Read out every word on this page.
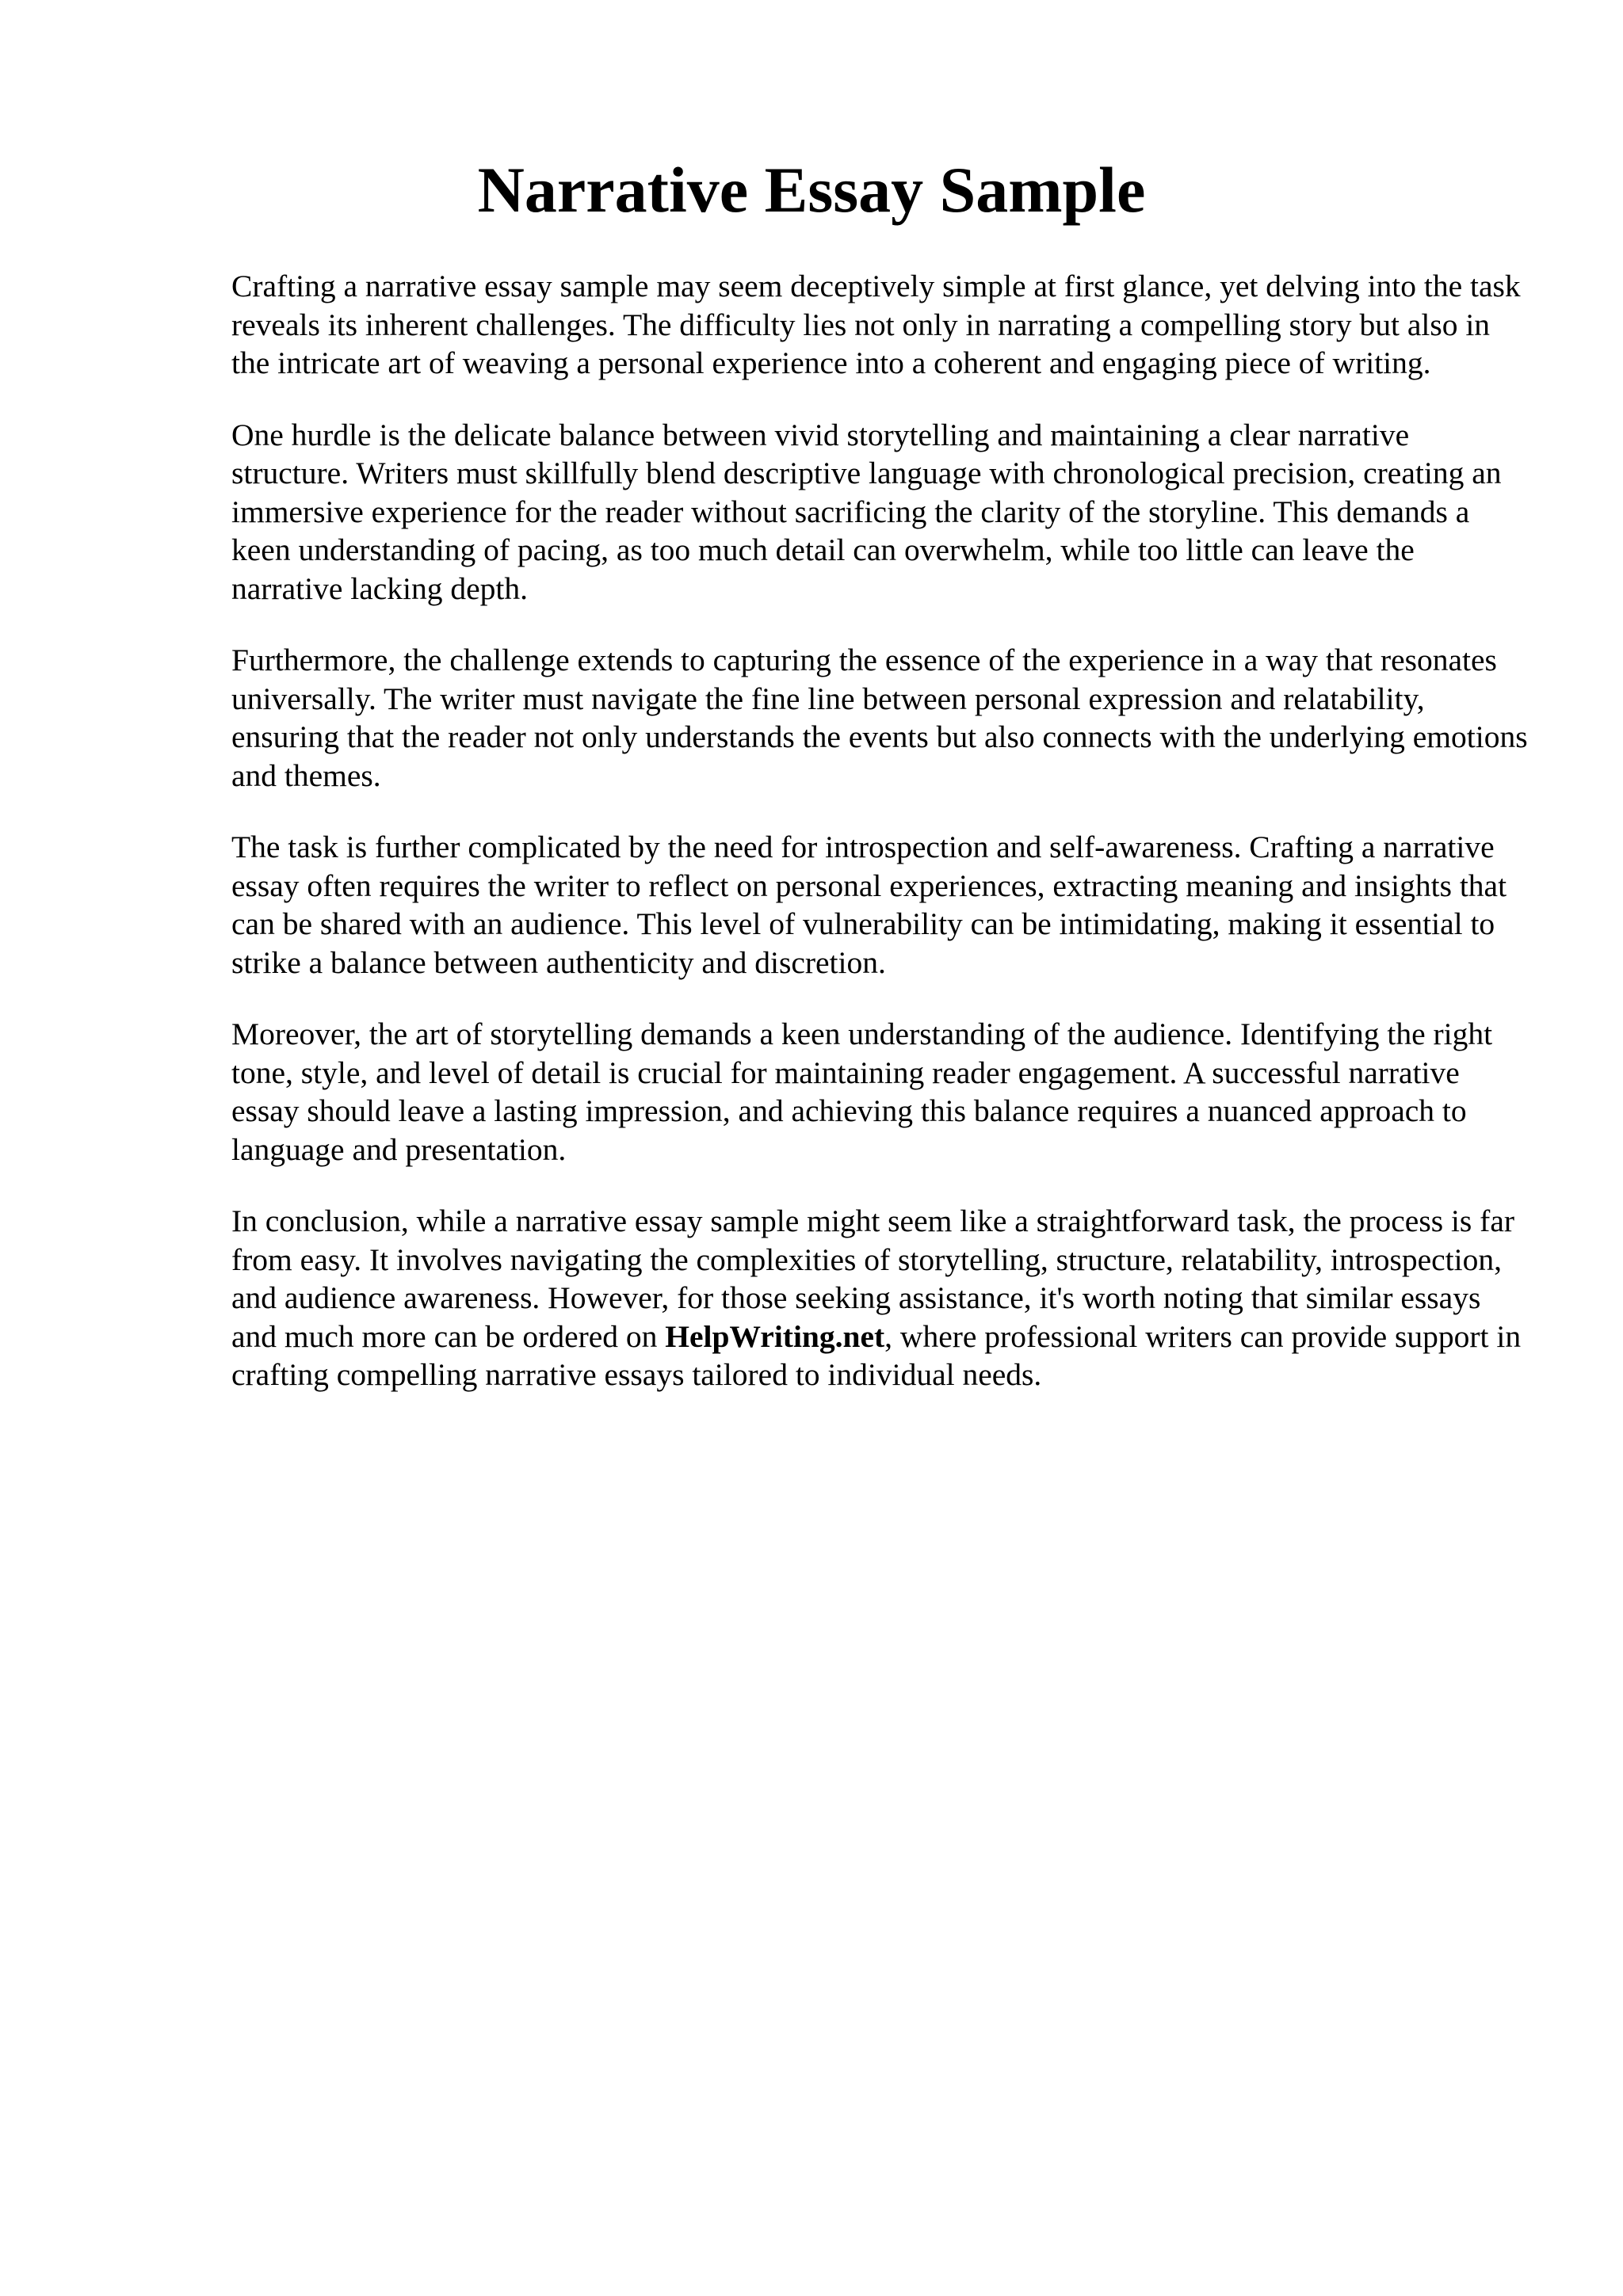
Narrative Essay Sample

Crafting a narrative essay sample may seem deceptively simple at first glance, yet delving into the task reveals its inherent challenges. The difficulty lies not only in narrating a compelling story but also in the intricate art of weaving a personal experience into a coherent and engaging piece of writing.

One hurdle is the delicate balance between vivid storytelling and maintaining a clear narrative structure. Writers must skillfully blend descriptive language with chronological precision, creating an immersive experience for the reader without sacrificing the clarity of the storyline. This demands a keen understanding of pacing, as too much detail can overwhelm, while too little can leave the narrative lacking depth.

Furthermore, the challenge extends to capturing the essence of the experience in a way that resonates universally. The writer must navigate the fine line between personal expression and relatability, ensuring that the reader not only understands the events but also connects with the underlying emotions and themes.

The task is further complicated by the need for introspection and self-awareness. Crafting a narrative essay often requires the writer to reflect on personal experiences, extracting meaning and insights that can be shared with an audience. This level of vulnerability can be intimidating, making it essential to strike a balance between authenticity and discretion.

Moreover, the art of storytelling demands a keen understanding of the audience. Identifying the right tone, style, and level of detail is crucial for maintaining reader engagement. A successful narrative essay should leave a lasting impression, and achieving this balance requires a nuanced approach to language and presentation.

In conclusion, while a narrative essay sample might seem like a straightforward task, the process is far from easy. It involves navigating the complexities of storytelling, structure, relatability, introspection, and audience awareness. However, for those seeking assistance, it's worth noting that similar essays and much more can be ordered on HelpWriting.net, where professional writers can provide support in crafting compelling narrative essays tailored to individual needs.
